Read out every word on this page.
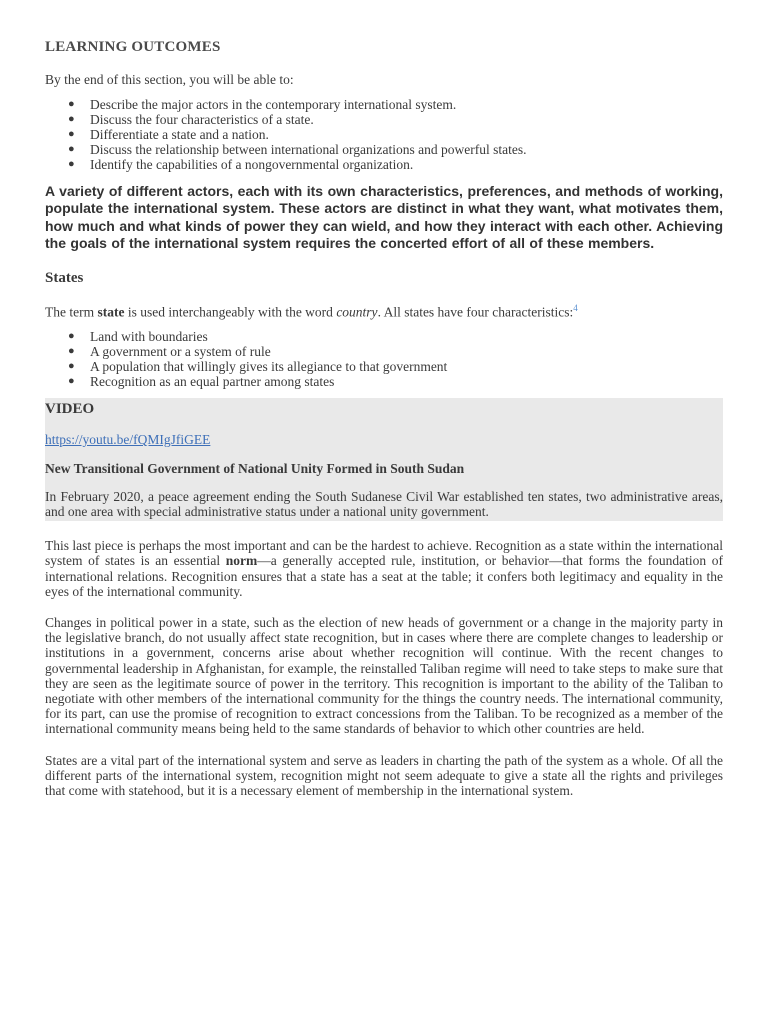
LEARNING OUTCOMES

By the end of this section, you will be able to:

● Describe the major actors in the contemporary international system.
● Discuss the four characteristics of a state.
● Differentiate a state and a nation.
● Discuss the relationship between international organizations and powerful states.
● Identify the capabilities of a nongovernmental organization.

A variety of different actors, each with its own characteristics, preferences, and methods of working, populate the international system. These actors are distinct in what they want, what motivates them, how much and what kinds of power they can wield, and how they interact with each other. Achieving the goals of the international system requires the concerted effort of all of these members.

States

The term state is used interchangeably with the word country. All states have four characteristics:$^4$

● Land with boundaries
● A government or a system of rule
● A population that willingly gives its allegiance to that government
● Recognition as an equal partner among states
VIDEO
https://youtu.be/fQMIgJfiGEE

New Transitional Government of National Unity Formed in South Sudan

In February 2020, a peace agreement ending the South Sudanese Civil War established ten states, two administrative areas, and one area with special administrative status under a national unity government.

This last piece is perhaps the most important and can be the hardest to achieve. Recognition as a state within the international system of states is an essential norm—a generally accepted rule, institution, or behavior—that forms the foundation of international relations. Recognition ensures that a state has a seat at the table; it confers both legitimacy and equality in the eyes of the international community.

Changes in political power in a state, such as the election of new heads of government or a change in the majority party in the legislative branch, do not usually affect state recognition, but in cases where there are complete changes to leadership or institutions in a government, concerns arise about whether recognition will continue. With the recent changes to governmental leadership in Afghanistan, for example, the reinstalled Taliban regime will need to take steps to make sure that they are seen as the legitimate source of power in the territory. This recognition is important to the ability of the Taliban to negotiate with other members of the international community for the things the country needs. The international community, for its part, can use the promise of recognition to extract concessions from the Taliban. To be recognized as a member of the international community means being held to the same standards of behavior to which other countries are held.

States are a vital part of the international system and serve as leaders in charting the path of the system as a whole. Of all the different parts of the international system, recognition might not seem adequate to give a state all the rights and privileges that come with statehood, but it is a necessary element of membership in the international system.
